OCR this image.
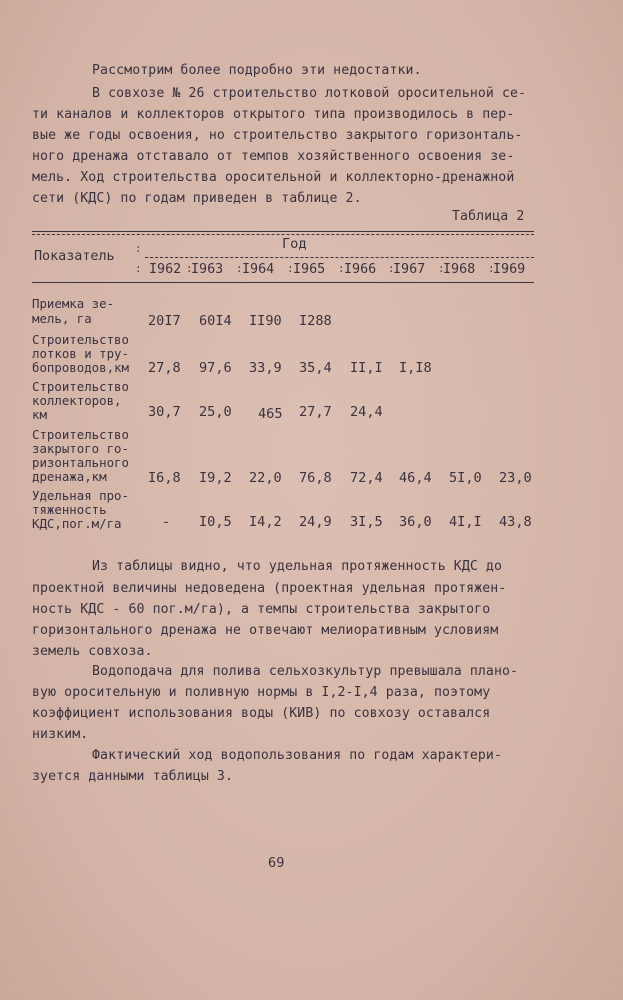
Рассмотрим более подробно эти недостатки.
В совхозе № 26 строительство лотковой оросительной се-
ти каналов и коллекторов открытого типа производилось в пер-
вые же годы освоения, но строительство закрытого горизонталь-
ного дренажа отставало от темпов хозяйственного освоения зе-
мель. Ход строительства оросительной и коллекторно-дренажной
сети (КДС) по годам приведен в таблице 2.
Таблица 2
Показатель
:
:
Год
I962 I963 I964 I965 I966 I967 I968 I969
:	:	:	:	:	:	:
Приемка зе-
мель, га	20I7 60I4 II90 I288
Строительство
лотков и тру-
бопроводов,км 27,8 97,6 33,9 35,4 II,I I,I8
Строительство
коллекторов,
км	30,7 25,0 465 27,7 24,4
Строительство
закрытого го-
ризонтального
дренажа,км	I6,8 I9,2 22,0 76,8 72,4 46,4 5I,0 23,0
Удельная про-
тяженность
КДС,пог.м/га	- I0,5 I4,2 24,9 3I,5 36,0 4I,I 43,8
Из таблицы видно, что удельная протяженность КДС до
проектной величины недоведена (проектная удельная протяжен-
ность КДС - 60 пог.м/га), а темпы строительства закрытого
горизонтального дренажа не отвечают мелиоративным условиям
земель совхоза.
Водоподача для полива сельхозкультур превышала плано-
вую оросительную и поливную нормы в I,2-I,4 раза, поэтому
коэффициент использования воды (КИВ) по совхозу оставался
низким.
Фактический ход водопользования по годам характери-
зуется данными таблицы 3.
69
